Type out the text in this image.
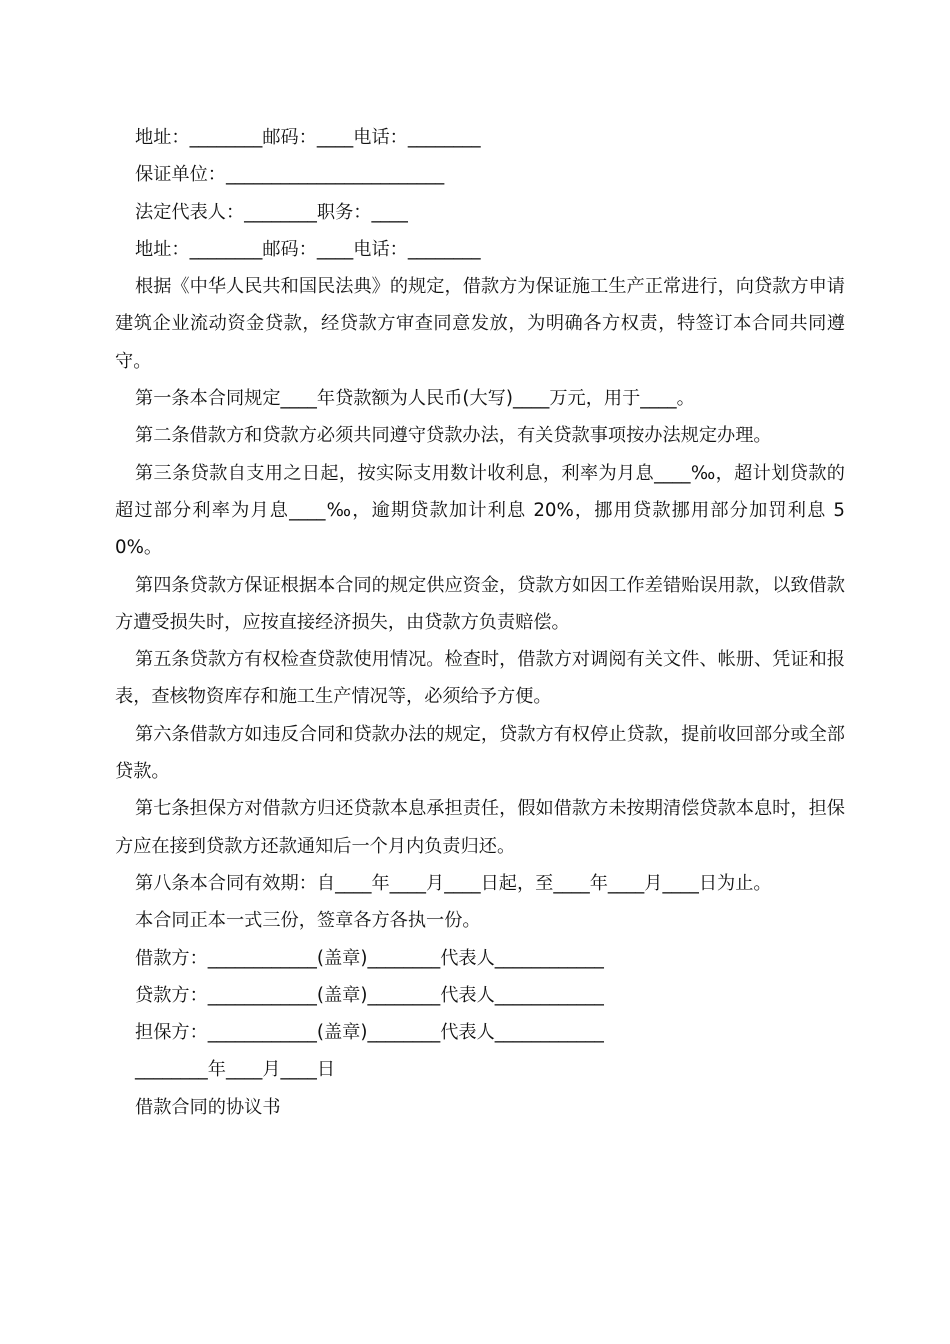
地址：________邮码：____电话：________

保证单位：________________________

法定代表人：________职务：____

地址：________邮码：____电话：________

根据《中华人民共和国民法典》的规定，借款方为保证施工生产正常进行，向贷款方申请建筑企业流动资金贷款，经贷款方审查同意发放，为明确各方权责，特签订本合同共同遵守。

第一条本合同规定____年贷款额为人民币(大写)____万元，用于____。

第二条借款方和贷款方必须共同遵守贷款办法，有关贷款事项按办法规定办理。

第三条贷款自支用之日起，按实际支用数计收利息，利率为月息____‰，超计划贷款的超过部分利率为月息____‰，逾期贷款加计利息 20%，挪用贷款挪用部分加罚利息 50%。

第四条贷款方保证根据本合同的规定供应资金，贷款方如因工作差错贻误用款，以致借款方遭受损失时，应按直接经济损失，由贷款方负责赔偿。

第五条贷款方有权检查贷款使用情况。检查时，借款方对调阅有关文件、帐册、凭证和报表，查核物资库存和施工生产情况等，必须给予方便。

第六条借款方如违反合同和贷款办法的规定，贷款方有权停止贷款，提前收回部分或全部贷款。

第七条担保方对借款方归还贷款本息承担责任，假如借款方未按期清偿贷款本息时，担保方应在接到贷款方还款通知后一个月内负责归还。

第八条本合同有效期：自____年____月____日起，至____年____月____日为止。

本合同正本一式三份，签章各方各执一份。

借款方：____________(盖章)________代表人____________

贷款方：____________(盖章)________代表人____________

担保方：____________(盖章)________代表人____________

________年____月____日

借款合同的协议书
